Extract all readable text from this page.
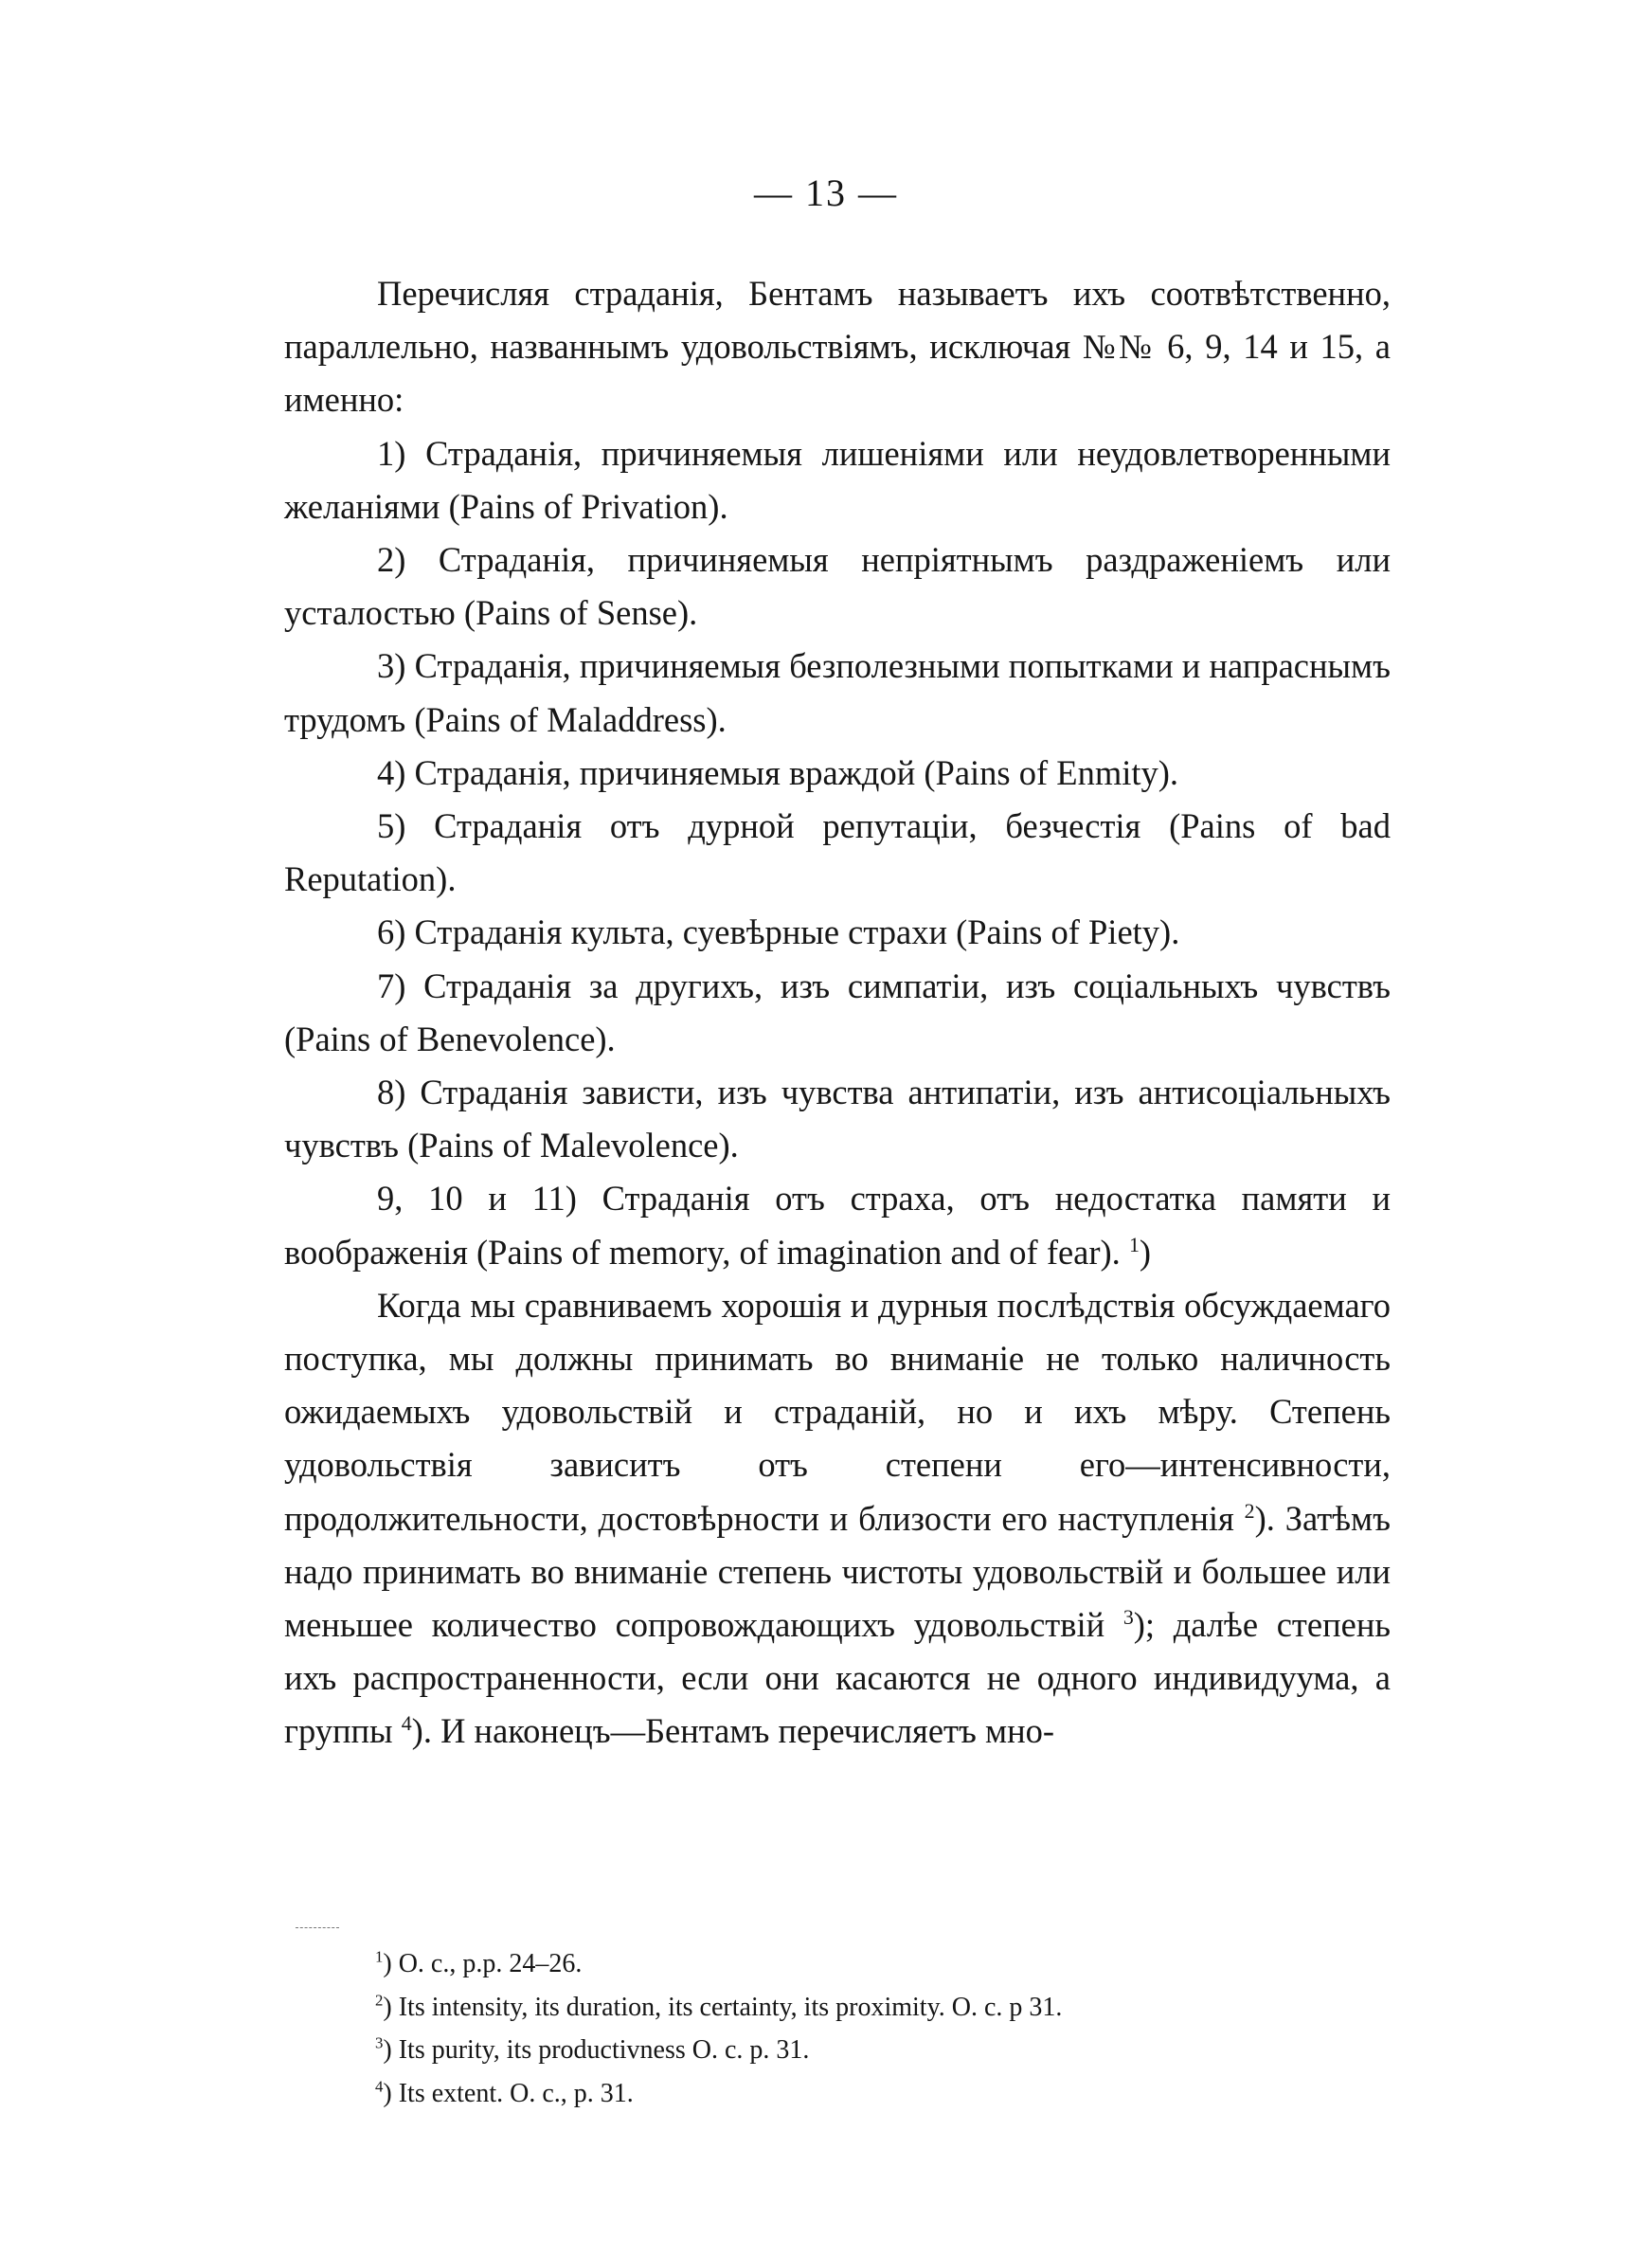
— 13 —

Перечисляя страданія, Бентамъ называетъ ихъ соотвѣтственно, параллельно, названнымъ удовольствіямъ, исключая №№ 6, 9, 14 и 15, а именно:

1) Страданія, причиняемыя лишеніями или неудовлетворенными желаніями (Pains of Privation).

2) Страданія, причиняемыя непріятнымъ раздраженіемъ или усталостью (Pains of Sense).

3) Страданія, причиняемыя безполезными попытками и напраснымъ трудомъ (Pains of Maladdress).

4) Страданія, причиняемыя враждой (Pains of Enmity).

5) Страданія отъ дурной репутаціи, безчестія (Pains of bad Reputation).

6) Страданія культа, суевѣрные страхи (Pains of Piety).

7) Страданія за другихъ, изъ симпатіи, изъ соціальныхъ чувствъ (Pains of Benevolence).

8) Страданія зависти, изъ чувства антипатіи, изъ антисоціальныхъ чувствъ (Pains of Malevolence).

9, 10 и 11) Страданія отъ страха, отъ недостатка памяти и воображенія (Pains of memory, of imagination and of fear). $^1$)

Когда мы сравниваемъ хорошія и дурныя послѣдствія обсуждаемаго поступка, мы должны принимать во вниманіе не только наличность ожидаемыхъ удовольствій и страданій, но и ихъ мѣру. Степень удовольствія зависитъ отъ степени его—интенсивности, продолжительности, достовѣрности и близости его наступленія $^2$). Затѣмъ надо принимать во вниманіе степень чистоты удовольствій и большее или меньшее количество сопровождающихъ удовольствій $^3$); далѣе степень ихъ распространенности, если они касаются не одного индивидуума, а группы $^4$). И наконецъ—Бентамъ перечисляетъ мно-

$^1$) O. c., p.p. 24–26.
$^2$) Its intensity, its duration, its certainty, its proximity. O. c. p 31.
$^3$) Its purity, its productivness O. c. p. 31.
$^4$) Its extent. O. c., p. 31.
